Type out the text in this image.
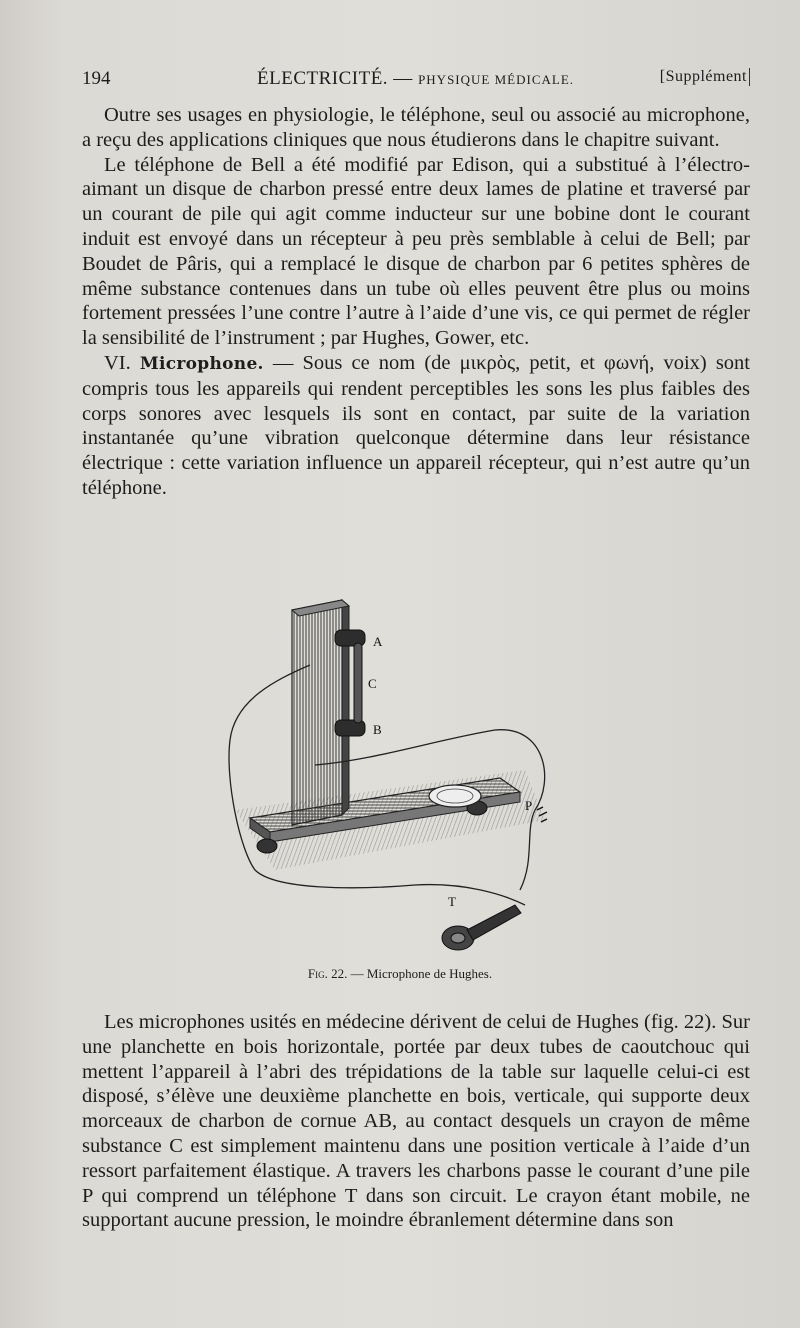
194	ÉLECTRICITÉ. — PHYSIQUE MÉDICALE.	[Supplément

Outre ses usages en physiologie, le téléphone, seul ou associé au microphone, a reçu des applications cliniques que nous étudierons dans le chapitre suivant.

Le téléphone de Bell a été modifié par Edison, qui a substitué à l’électro-aimant un disque de charbon pressé entre deux lames de platine et traversé par un courant de pile qui agit comme inducteur sur une bobine dont le courant induit est envoyé dans un récepteur à peu près semblable à celui de Bell; par Boudet de Pâris, qui a remplacé le disque de charbon par 6 petites sphères de même substance contenues dans un tube où elles peuvent être plus ou moins fortement pressées l’une contre l’autre à l’aide d’une vis, ce qui permet de régler la sensibilité de l’instrument ; par Hughes, Gower, etc.

VI. Microphone. — Sous ce nom (de μικρὸς, petit, et φωνή, voix) sont compris tous les appareils qui rendent perceptibles les sons les plus faibles des corps sonores avec lesquels ils sont en contact, par suite de la variation instantanée qu’une vibration quelconque détermine dans leur résistance électrique : cette variation influence un appareil récepteur, qui n’est autre qu’un téléphone.

A
C
B
P
T
Fig. 22. — Microphone de Hughes.

Les microphones usités en médecine dérivent de celui de Hughes (fig. 22). Sur une planchette en bois horizontale, portée par deux tubes de caoutchouc qui mettent l’appareil à l’abri des trépidations de la table sur laquelle celui-ci est disposé, s’élève une deuxième planchette en bois, verticale, qui supporte deux morceaux de charbon de cornue AB, au contact desquels un crayon de même substance C est simplement maintenu dans une position verticale à l’aide d’un ressort parfaitement élastique. A travers les charbons passe le courant d’une pile P qui comprend un téléphone T dans son circuit. Le crayon étant mobile, ne supportant aucune pression, le moindre ébranlement détermine dans son
